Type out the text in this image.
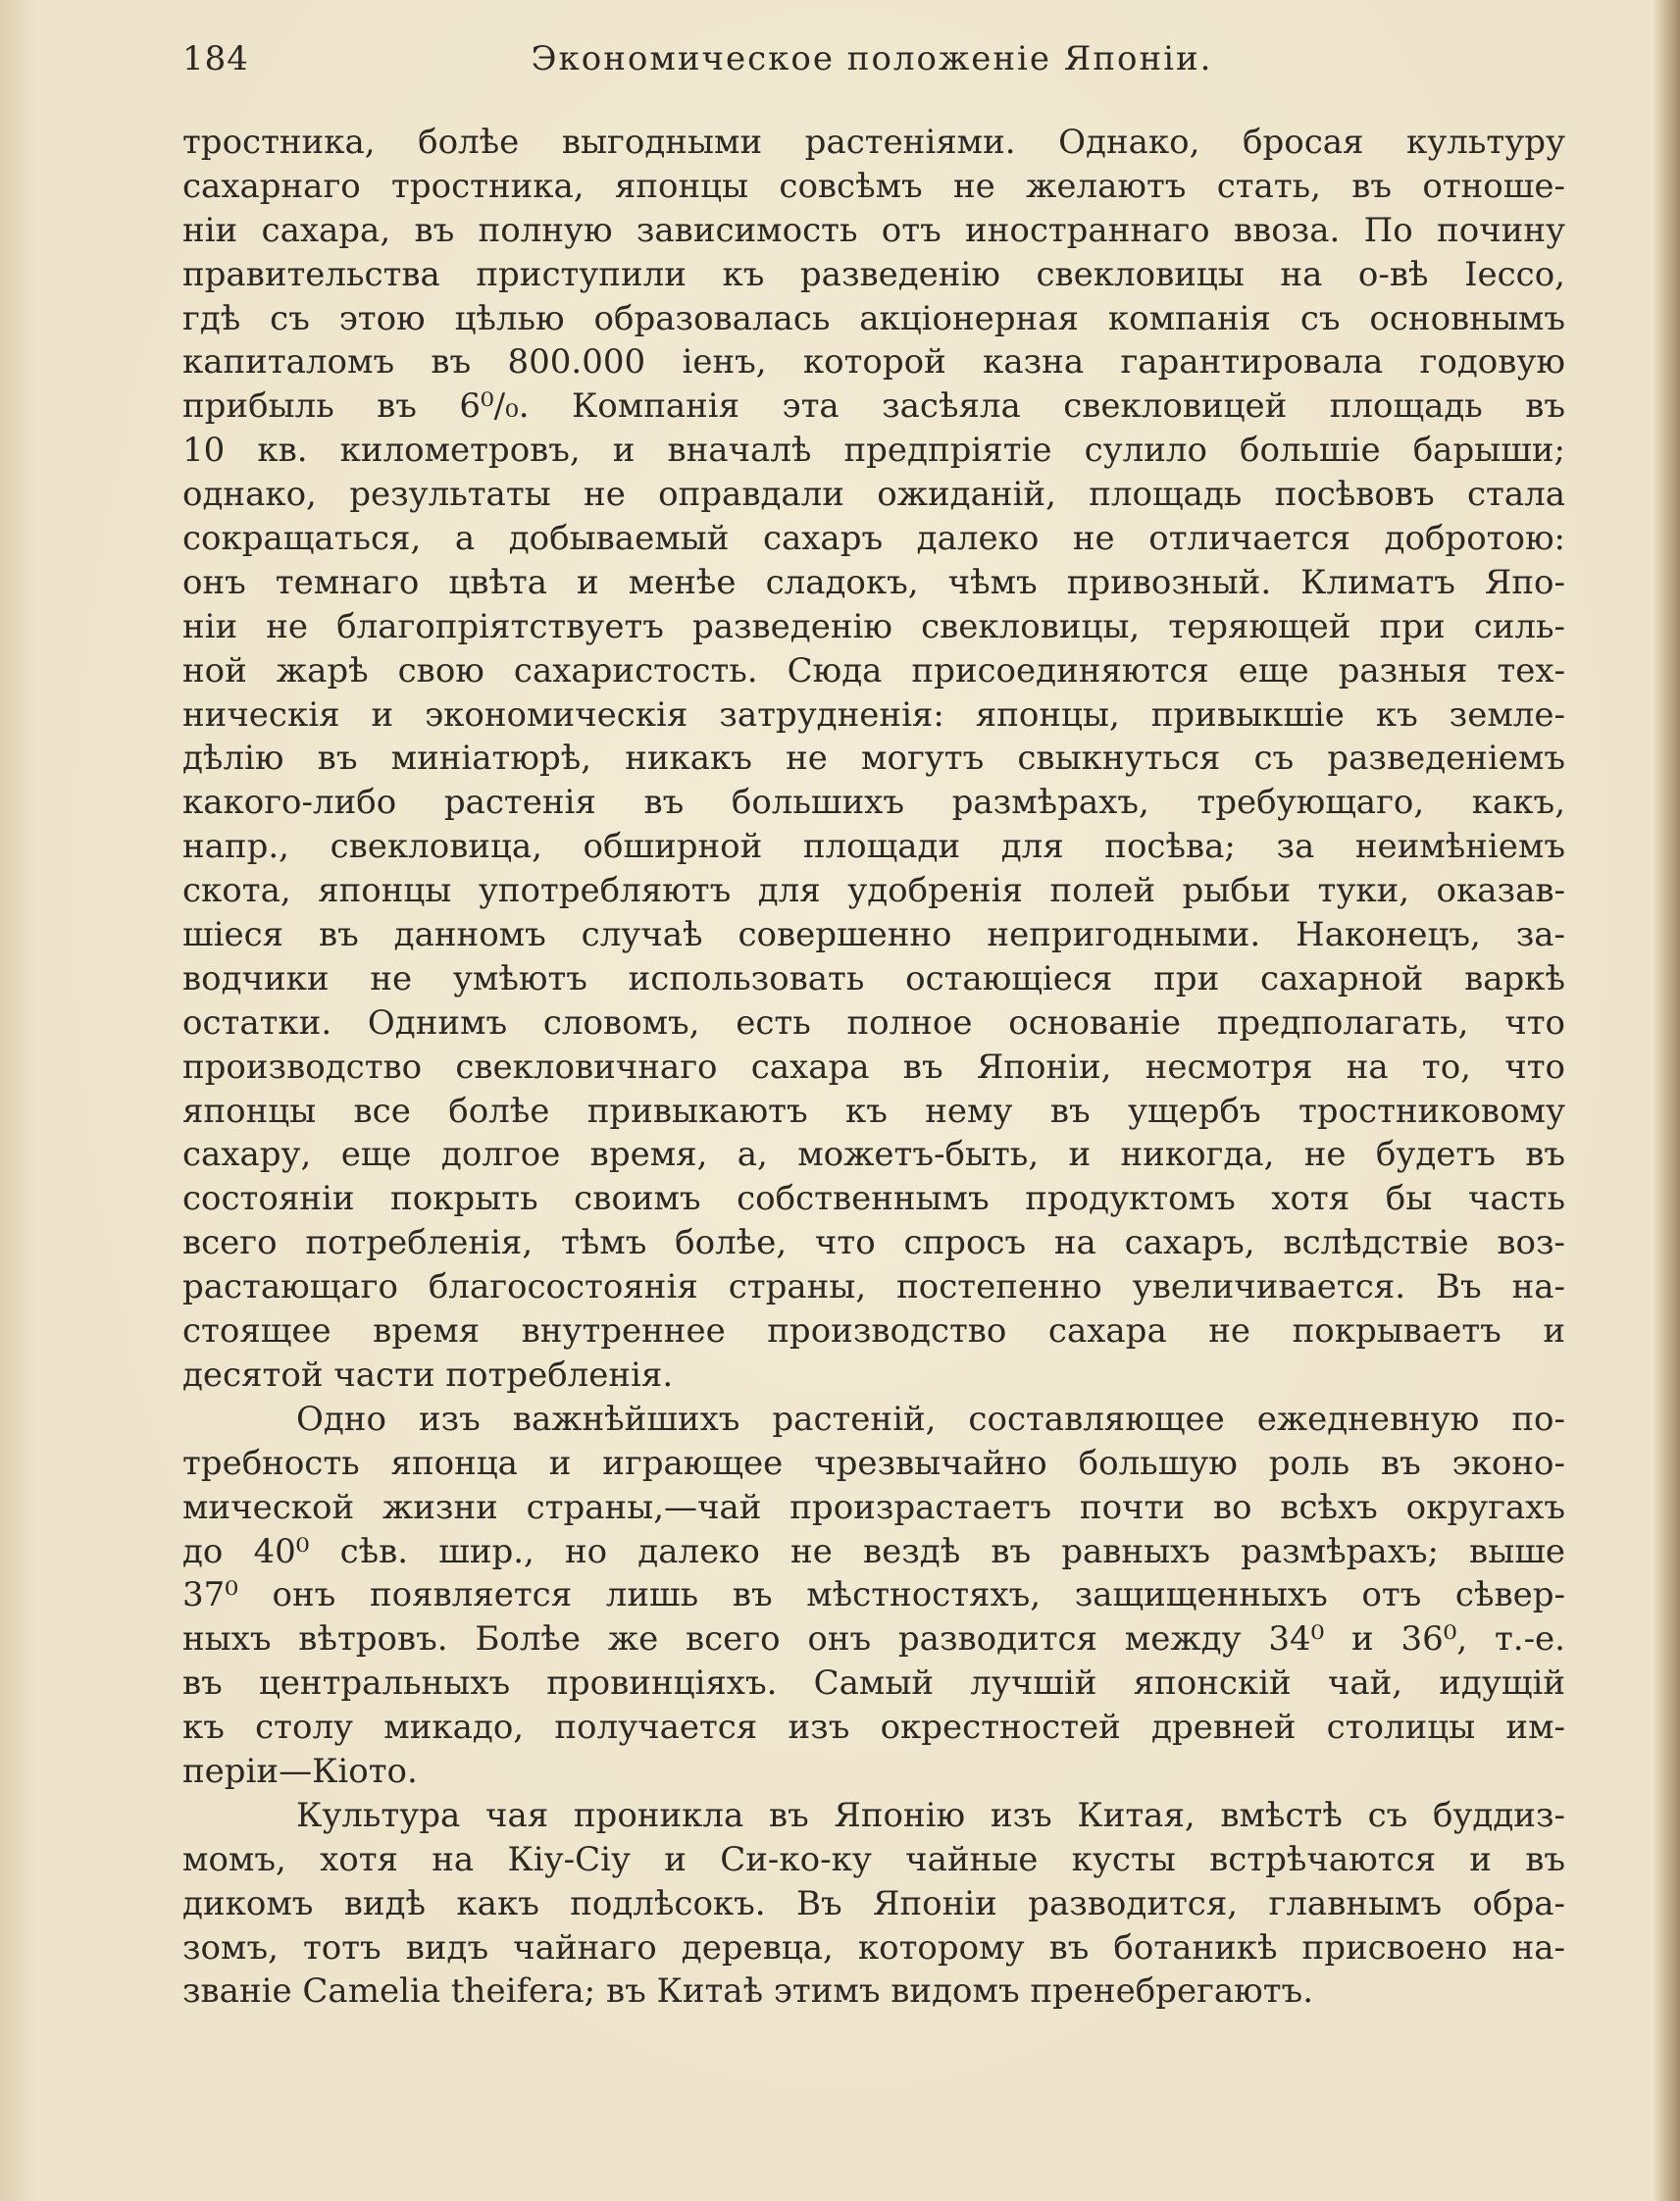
184	Экономическое положеніе Японіи.
тростника, болѣе выгодными растеніями. Однако, бросая культуру
сахарнаго тростника, японцы совсѣмъ не желаютъ стать, въ отноше-
ніи сахара, въ полную зависимость отъ иностраннаго ввоза. По почину
правительства приступили къ разведенію свекловицы на о-вѣ Іессо,
гдѣ съ этою цѣлью образовалась акціонерная компанія съ основнымъ
капиталомъ въ 800.000 іенъ, которой казна гарантировала годовую
прибыль въ 6⁰/₀. Компанія эта засѣяла свекловицей площадь въ
10 кв. километровъ, и вначалѣ предпріятіе сулило большіе барыши;
однако, результаты не оправдали ожиданій, площадь посѣвовъ стала
сокращаться, а добываемый сахаръ далеко не отличается добротою:
онъ темнаго цвѣта и менѣе сладокъ, чѣмъ привозный. Климатъ Япо-
ніи не благопріятствуетъ разведенію свекловицы, теряющей при силь-
ной жарѣ свою сахаристость. Сюда присоединяются еще разныя тех-
ническія и экономическія затрудненія: японцы, привыкшіе къ земле-
дѣлію въ миніатюрѣ, никакъ не могутъ свыкнуться съ разведеніемъ
какого-либо растенія въ большихъ размѣрахъ, требующаго, какъ,
напр., свекловица, обширной площади для посѣва; за неимѣніемъ
скота, японцы употребляютъ для удобренія полей рыбьи туки, оказав-
шіеся въ данномъ случаѣ совершенно непригодными. Наконецъ, за-
водчики не умѣютъ использовать остающіеся при сахарной варкѣ
остатки. Однимъ словомъ, есть полное основаніе предполагать, что
производство свекловичнаго сахара въ Японіи, несмотря на то, что
японцы все болѣе привыкаютъ къ нему въ ущербъ тростниковому
сахару, еще долгое время, а, можетъ-быть, и никогда, не будетъ въ
состояніи покрыть своимъ собственнымъ продуктомъ хотя бы часть
всего потребленія, тѣмъ болѣе, что спросъ на сахаръ, вслѣдствіе воз-
растающаго благосостоянія страны, постепенно увеличивается. Въ на-
стоящее время внутреннее производство сахара не покрываетъ и
десятой части потребленія.
Одно изъ важнѣйшихъ растеній, составляющее ежедневную по-
требность японца и играющее чрезвычайно большую роль въ эконо-
мической жизни страны,—чай произрастаетъ почти во всѣхъ округахъ
до 40⁰ сѣв. шир., но далеко не вездѣ въ равныхъ размѣрахъ; выше
37⁰ онъ появляется лишь въ мѣстностяхъ, защищенныхъ отъ сѣвер-
ныхъ вѣтровъ. Болѣе же всего онъ разводится между 34⁰ и 36⁰, т.-е.
въ центральныхъ провинціяхъ. Самый лучшій японскій чай, идущій
къ столу микадо, получается изъ окрестностей древней столицы им-
періи—Кіото.
Культура чая проникла въ Японію изъ Китая, вмѣстѣ съ буддиз-
момъ, хотя на Кіу-Сіу и Си-ко-ку чайные кусты встрѣчаются и въ
дикомъ видѣ какъ подлѣсокъ. Въ Японіи разводится, главнымъ обра-
зомъ, тотъ видъ чайнаго деревца, которому въ ботаникѣ присвоено на-
званіе Camelia theifera; въ Китаѣ этимъ видомъ пренебрегаютъ.
